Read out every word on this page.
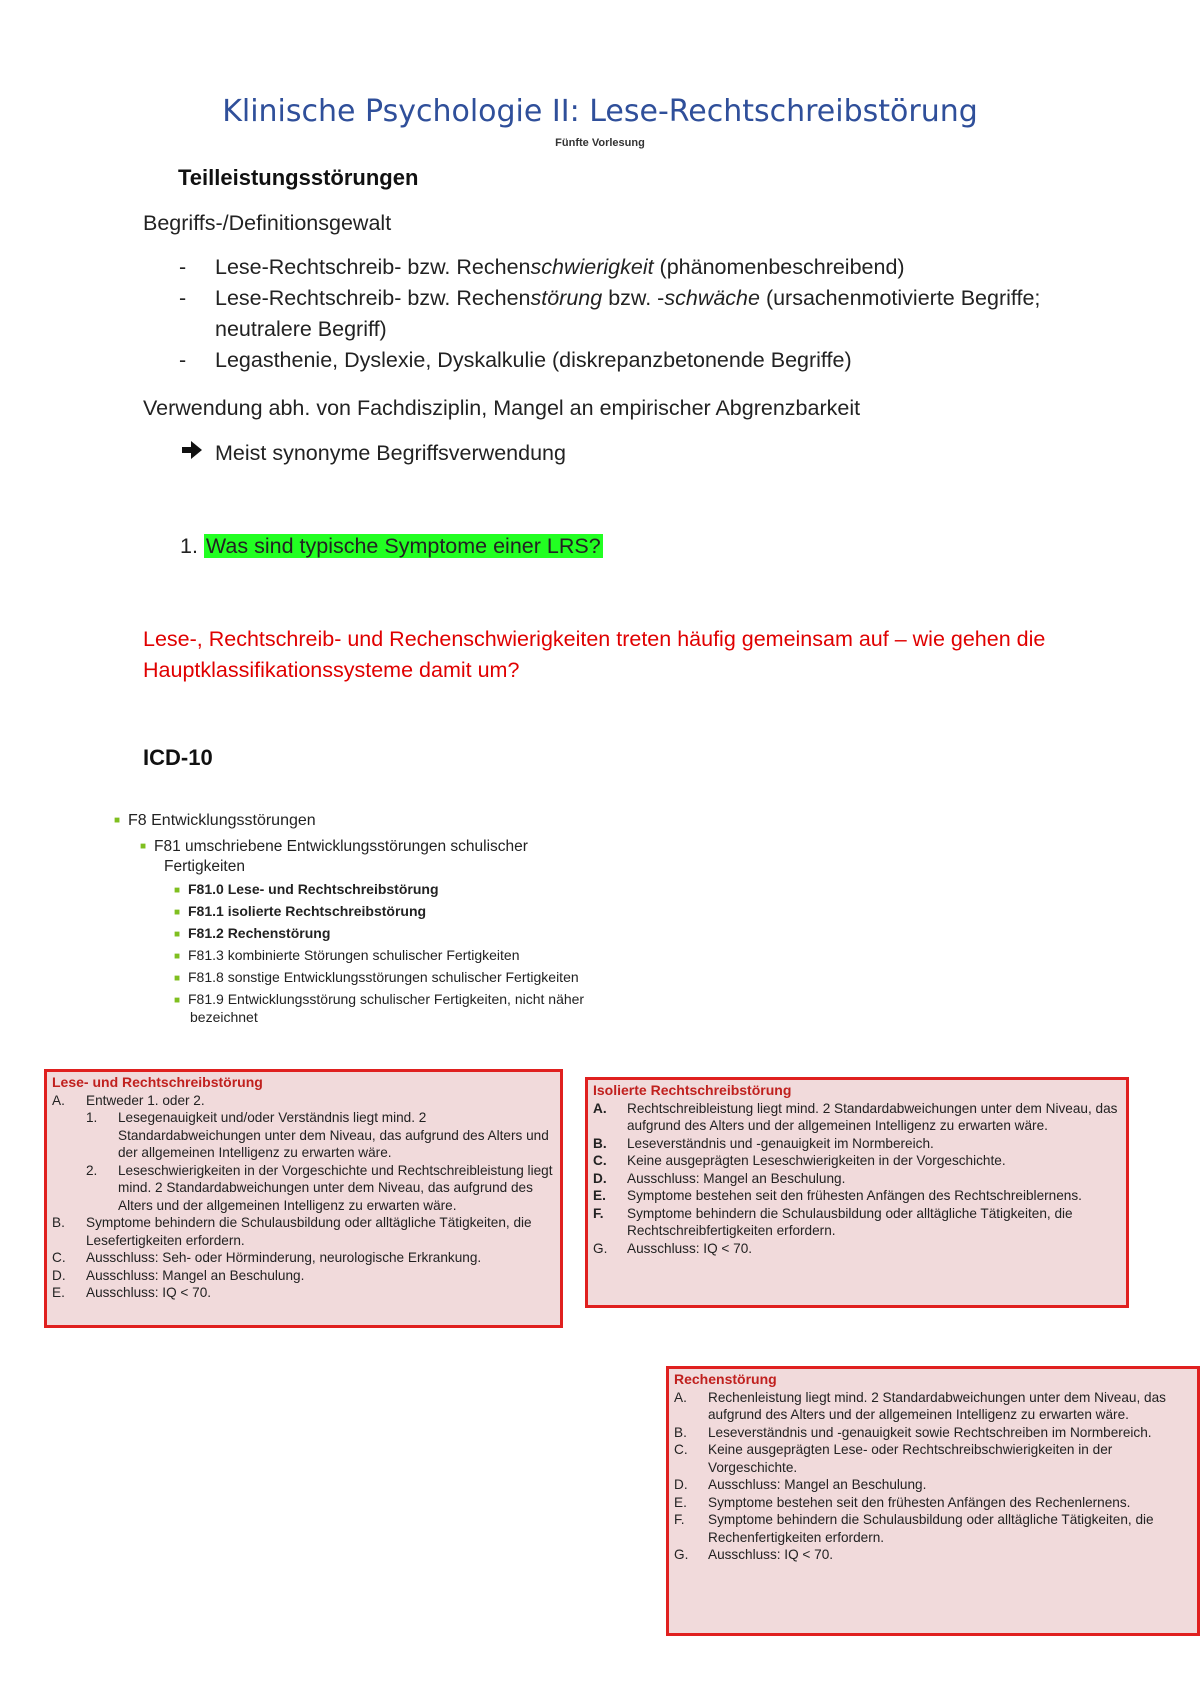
Klinische Psychologie II: Lese-Rechtschreibstörung
Fünfte Vorlesung
Teilleistungsstörungen
Begriffs-/Definitionsgewalt
- Lese-Rechtschreib- bzw. Rechenschwierigkeit (phänomenbeschreibend)
- Lese-Rechtschreib- bzw. Rechenstörung bzw. -schwäche (ursachenmotivierte Begriffe; neutralere Begriff)
- Legasthenie, Dyslexie, Dyskalkulie (diskrepanzbetonende Begriffe)
Verwendung abh. von Fachdisziplin, Mangel an empirischer Abgrenzbarkeit
Meist synonyme Begriffsverwendung
1. Was sind typische Symptome einer LRS?
Lese-, Rechtschreib- und Rechenschwierigkeiten treten häufig gemeinsam auf – wie gehen die Hauptklassifikationssysteme damit um?
ICD-10
■ F8 Entwicklungsstörungen
■ F81 umschriebene Entwicklungsstörungen schulischer
Fertigkeiten
■ F81.0 Lese- und Rechtschreibstörung
■ F81.1 isolierte Rechtschreibstörung
■ F81.2 Rechenstörung
■ F81.3 kombinierte Störungen schulischer Fertigkeiten
■ F81.8 sonstige Entwicklungsstörungen schulischer Fertigkeiten
■ F81.9 Entwicklungsstörung schulischer Fertigkeiten, nicht näher
bezeichnet
Lese- und Rechtschreibstörung
A. Entweder 1. oder 2.
1. Lesegenauigkeit und/oder Verständnis liegt mind. 2 Standardabweichungen unter dem Niveau, das aufgrund des Alters und der allgemeinen Intelligenz zu erwarten wäre.
2. Leseschwierigkeiten in der Vorgeschichte und Rechtschreibleistung liegt mind. 2 Standardabweichungen unter dem Niveau, das aufgrund des Alters und der allgemeinen Intelligenz zu erwarten wäre.
B. Symptome behindern die Schulausbildung oder alltägliche Tätigkeiten, die Lesefertigkeiten erfordern.
C. Ausschluss: Seh- oder Hörminderung, neurologische Erkrankung.
D. Ausschluss: Mangel an Beschulung.
E. Ausschluss: IQ < 70.
Isolierte Rechtschreibstörung
A. Rechtschreibleistung liegt mind. 2 Standardabweichungen unter dem Niveau, das aufgrund des Alters und der allgemeinen Intelligenz zu erwarten wäre.
B. Leseverständnis und -genauigkeit im Normbereich.
C. Keine ausgeprägten Leseschwierigkeiten in der Vorgeschichte.
D. Ausschluss: Mangel an Beschulung.
E. Symptome bestehen seit den frühesten Anfängen des Rechtschreiblernens.
F. Symptome behindern die Schulausbildung oder alltägliche Tätigkeiten, die Rechtschreibfertigkeiten erfordern.
G. Ausschluss: IQ < 70.
Rechenstörung
A. Rechenleistung liegt mind. 2 Standardabweichungen unter dem Niveau, das aufgrund des Alters und der allgemeinen Intelligenz zu erwarten wäre.
B. Leseverständnis und -genauigkeit sowie Rechtschreiben im Normbereich.
C. Keine ausgeprägten Lese- oder Rechtschreibschwierigkeiten in der Vorgeschichte.
D. Ausschluss: Mangel an Beschulung.
E. Symptome bestehen seit den frühesten Anfängen des Rechenlernens.
F. Symptome behindern die Schulausbildung oder alltägliche Tätigkeiten, die Rechenfertigkeiten erfordern.
G. Ausschluss: IQ < 70.
